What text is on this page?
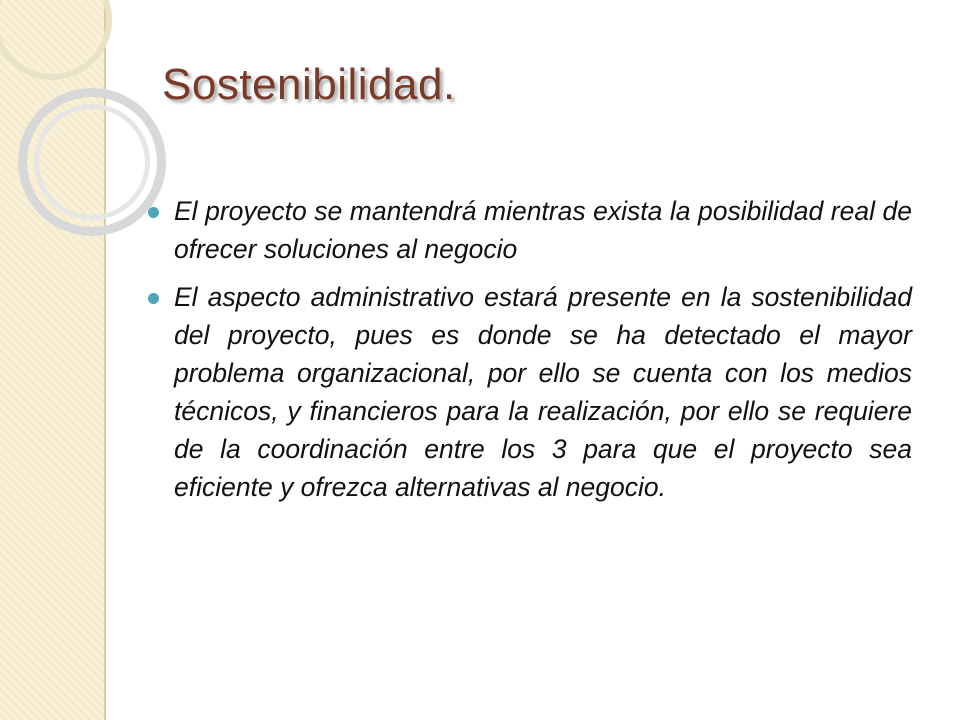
Sostenibilidad.
El proyecto se mantendrá mientras exista la posibilidad real de ofrecer soluciones al negocio
El aspecto administrativo estará presente en la sostenibilidad del proyecto, pues es donde se ha detectado el mayor problema organizacional, por ello se cuenta con los medios técnicos, y financieros para la realización, por ello se requiere de la coordinación entre los 3 para que el proyecto sea eficiente y ofrezca alternativas al negocio.
